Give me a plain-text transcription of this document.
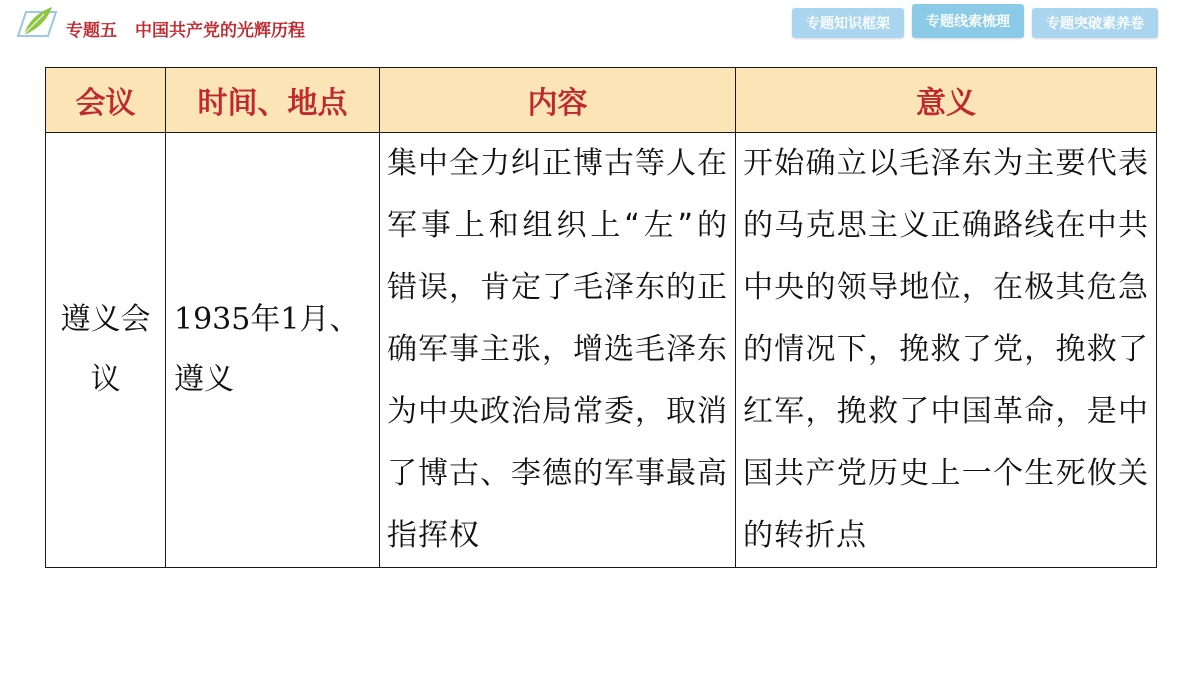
专题五 中国共产党的光辉历程	专题知识框架	专题线索梳理	专题突破素养卷
会议	时间、地点	内容	意义
遵义会议	1935年1月、遵义	集中全力纠正博古等人在军事上和组织上“左”的错误，肯定了毛泽东的正确军事主张，增选毛泽东为中央政治局常委，取消了博古、李德的军事最高指挥权	开始确立以毛泽东为主要代表的马克思主义正确路线在中共中央的领导地位，在极其危急的情况下，挽救了党，挽救了红军，挽救了中国革命，是中国共产党历史上一个生死攸关的转折点
